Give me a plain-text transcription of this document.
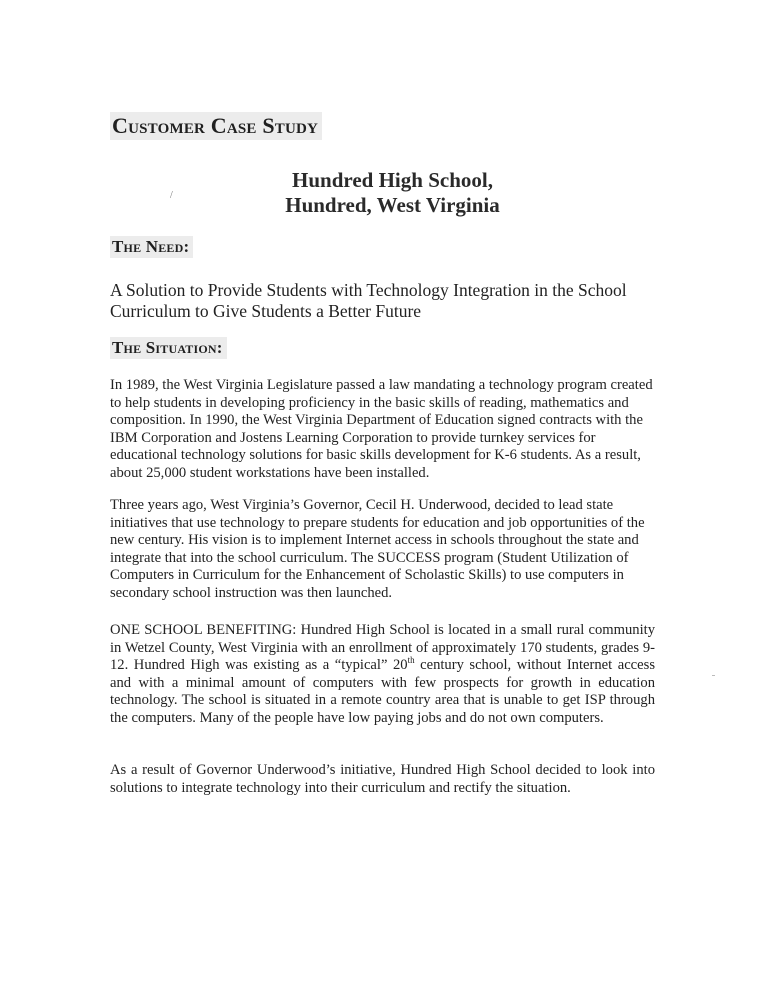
Customer Case Study
Hundred High School,
Hundred, West Virginia
/
The Need:
A Solution to Provide Students with Technology Integration in the School Curriculum to Give Students a Better Future
The Situation:

In 1989, the West Virginia Legislature passed a law mandating a technology program created to help students in developing proficiency in the basic skills of reading, mathematics and composition. In 1990, the West Virginia Department of Education signed contracts with the IBM Corporation and Jostens Learning Corporation to provide turnkey services for educational technology solutions for basic skills development for K-6 students. As a result, about 25,000 student workstations have been installed.

Three years ago, West Virginia’s Governor, Cecil H. Underwood, decided to lead state initiatives that use technology to prepare students for education and job opportunities of the new century. His vision is to implement Internet access in schools throughout the state and integrate that into the school curriculum. The SUCCESS program (Student Utilization of Computers in Curriculum for the Enhancement of Scholastic Skills) to use computers in secondary school instruction was then launched.

ONE SCHOOL BENEFITING: Hundred High School is located in a small rural community in Wetzel County, West Virginia with an enrollment of approximately 170 students, grades 9-12. Hundred High was existing as a “typical” 20th century school, without Internet access and with a minimal amount of computers with few prospects for growth in education technology. The school is situated in a remote country area that is unable to get ISP through the computers. Many of the people have low paying jobs and do not own computers.

As a result of Governor Underwood’s initiative, Hundred High School decided to look into solutions to integrate technology into their curriculum and rectify the situation.
